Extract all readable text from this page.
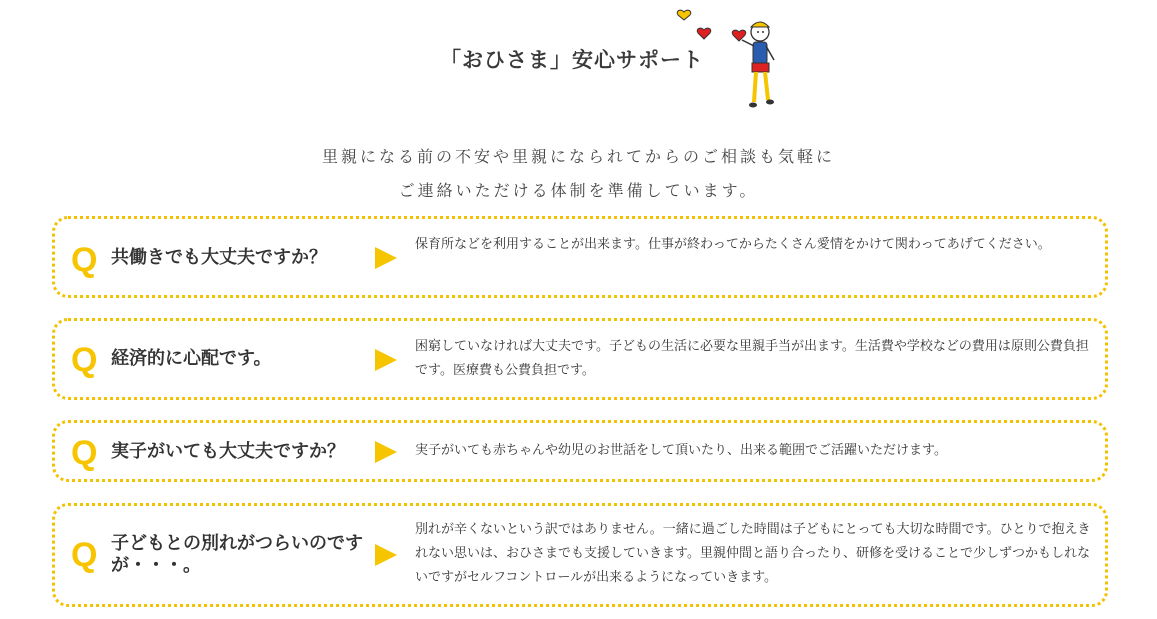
「おひさま」安心サポート
里親になる前の不安や里親になられてからのご相談も気軽に
ご連絡いただける体制を準備しています。
Q 共働きでも大丈夫ですか？
保育所などを利用することが出来ます。仕事が終わってからたくさん愛情をかけて関わってあげてください。
Q 経済的に心配です。
困窮していなければ大丈夫です。子どもの生活に必要な里親手当が出ます。生活費や学校などの費用は原則公費負担です。医療費も公費負担です。
Q 実子がいても大丈夫ですか？	実子がいても赤ちゃんや幼児のお世話をして頂いたり、出来る範囲でご活躍いただけます。
Q 子どもとの別れがつらいのですが・・・。
別れが辛くないという訳ではありません。一緒に過ごした時間は子どもにとっても大切な時間です。ひとりで抱えきれない思いは、おひさまでも支援していきます。里親仲間と語り合ったり、研修を受けることで少しずつかもしれないですがセルフコントロールが出来るようになっていきます。
